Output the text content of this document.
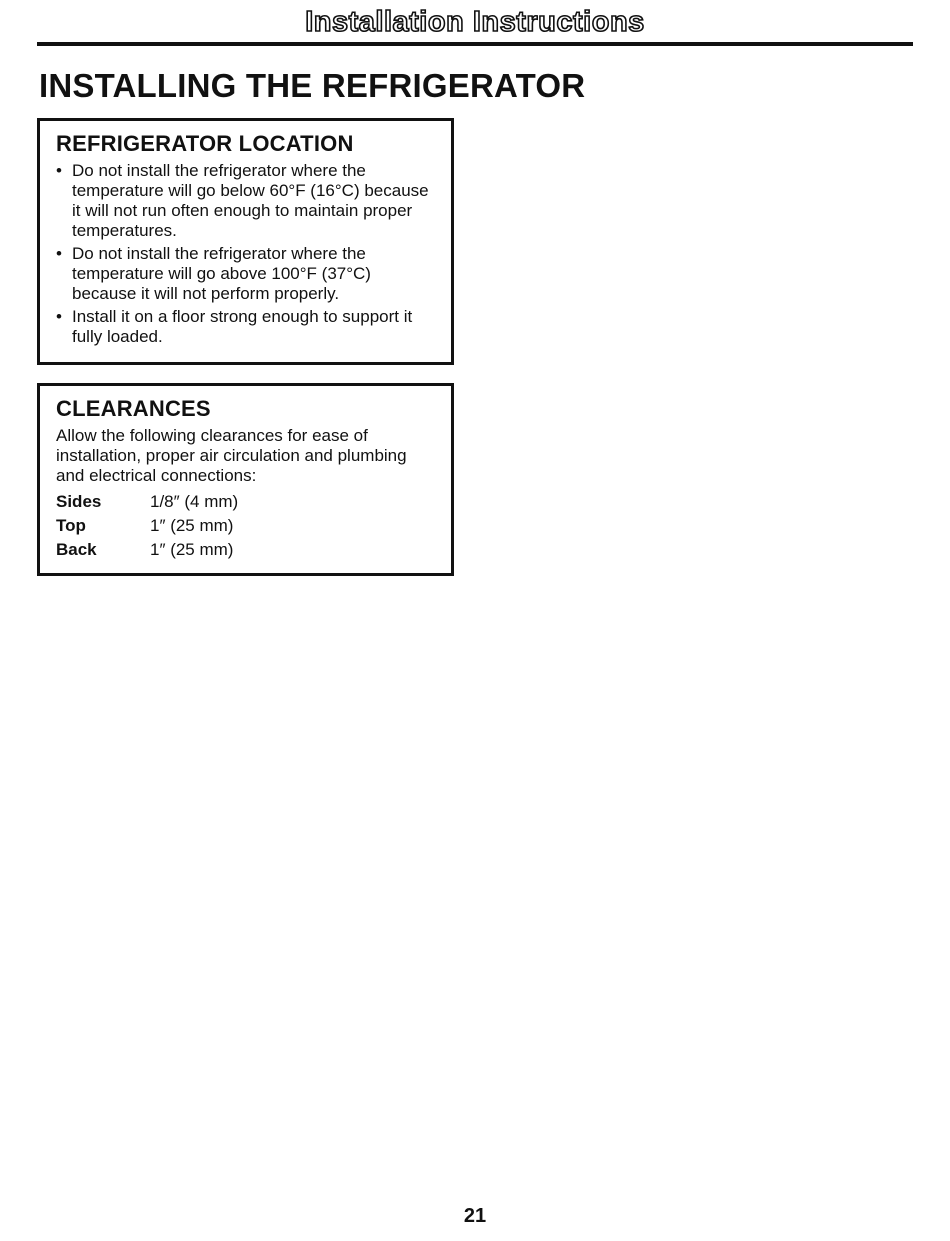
Installation Instructions
INSTALLING THE REFRIGERATOR
REFRIGERATOR LOCATION
• Do not install the refrigerator where the temperature will go below 60°F (16°C) because it will not run often enough to maintain proper temperatures.
• Do not install the refrigerator where the temperature will go above 100°F (37°C) because it will not perform properly.
• Install it on a floor strong enough to support it fully loaded.
CLEARANCES

Allow the following clearances for ease of installation, proper air circulation and plumbing and electrical connections:

Sides	1/8″ (4 mm)
Top	1″ (25 mm)
Back	1″ (25 mm)
21
